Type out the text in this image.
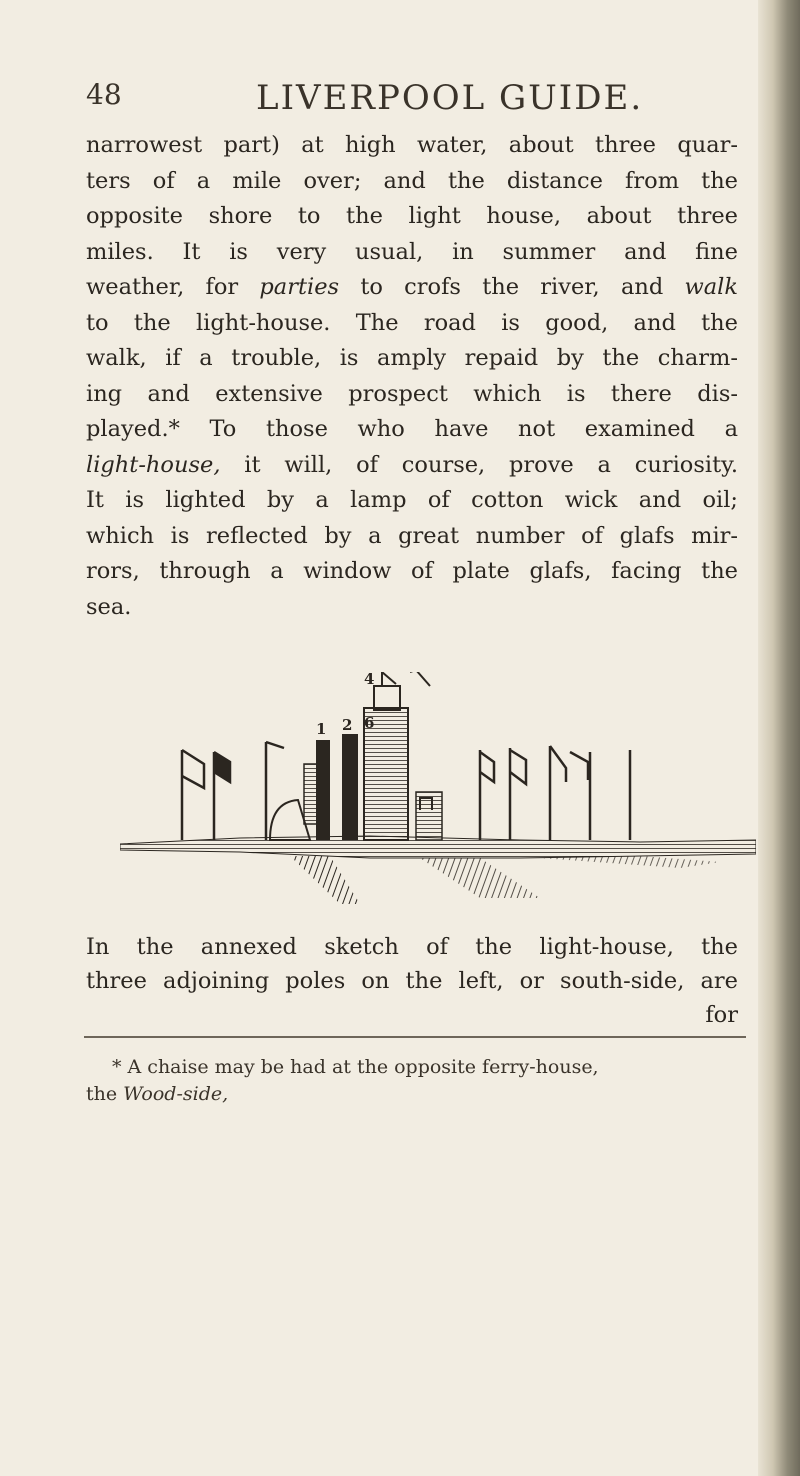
48	LIVERPOOL GUIDE.

narrowest part) at high water, about three quar-
ters of a mile over; and the distance from the
opposite shore to the light house, about three
miles. It is very usual, in summer and fine
weather, for parties to crofs the river, and walk
to the light-house. The road is good, and the
walk, if a trouble, is amply repaid by the charm-
ing and extensive prospect which is there dis-
played.* To those who have not examined a
light-house, it will, of course, prove a curiosity.
It is lighted by a lamp of cotton wick and oil;
which is reflected by a great number of glafs mir-
rors, through a window of plate glafs, facing the
sea.

1 2 6
4

In the annexed sketch of the light-house, the
three adjoining poles on the left, or south-side, are
for

* A chaise may be had at the opposite ferry-house,
the Wood-side,
